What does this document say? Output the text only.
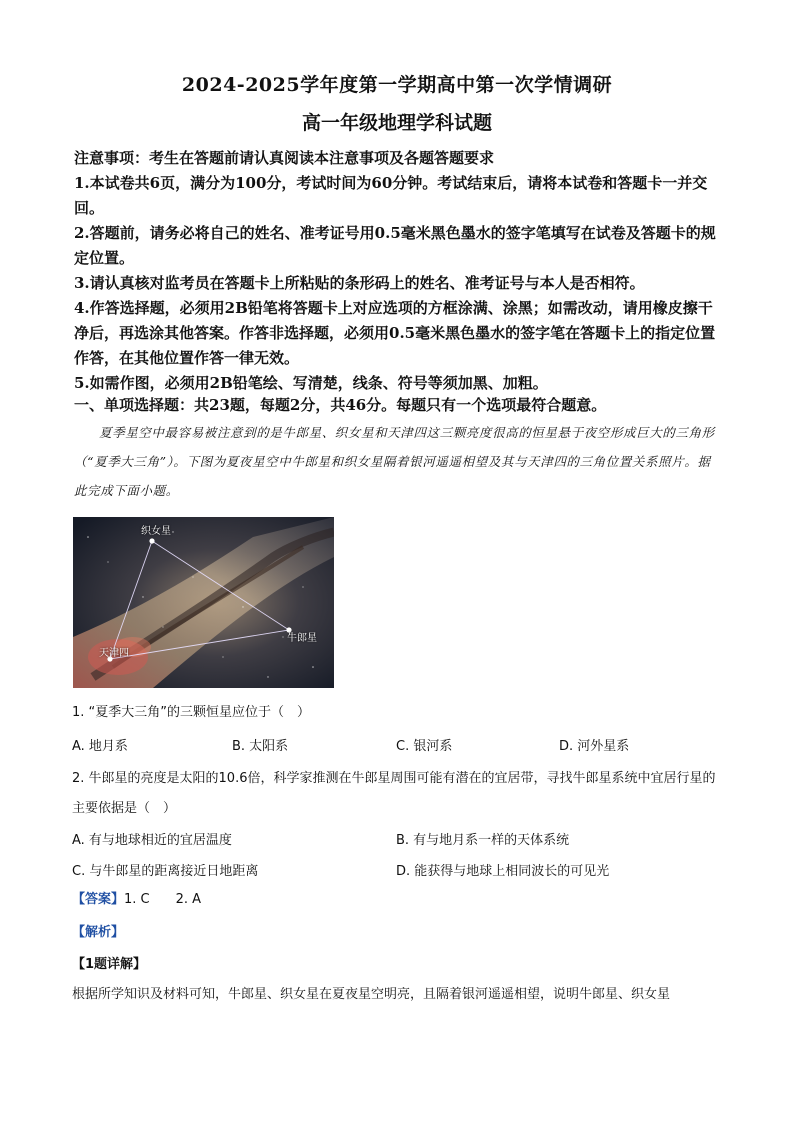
2024-2025学年度第一学期高中第一次学情调研
高一年级地理学科试题

注意事项：考生在答题前请认真阅读本注意事项及各题答题要求

1.本试卷共6页，满分为100分，考试时间为60分钟。考试结束后，请将本试卷和答题卡一并交回。

2.答题前，请务必将自己的姓名、准考证号用0.5毫米黑色墨水的签字笔填写在试卷及答题卡的规定位置。

3.请认真核对监考员在答题卡上所粘贴的条形码上的姓名、准考证号与本人是否相符。

4.作答选择题，必须用2B铅笔将答题卡上对应选项的方框涂满、涂黑；如需改动，请用橡皮擦干净后，再选涂其他答案。作答非选择题，必须用0.5毫米黑色墨水的签字笔在答题卡上的指定位置作答，在其他位置作答一律无效。

5.如需作图，必须用2B铅笔绘、写清楚，线条、符号等须加黑、加粗。

一、单项选择题：共23题，每题2分，共46分。每题只有一个选项最符合题意。
夏季星空中最容易被注意到的是牛郎星、织女星和天津四这三颗亮度很高的恒星悬于夜空形成巨大的三角形（“夏季大三角”）。下图为夏夜星空中牛郎星和织女星隔着银河遥遥相望及其与天津四的三角位置关系照片。据此完成下面小题。
织女星
牛郎星
天津四
1. “夏季大三角”的三颗恒星应位于（　）
A. 地月系	B. 太阳系	C. 银河系	D. 河外星系
2. 牛郎星的亮度是太阳的10.6倍，科学家推测在牛郎星周围可能有潜在的宜居带，寻找牛郎星系统中宜居行星的主要依据是（　）
A. 有与地球相近的宜居温度	B. 有与地月系一样的天体系统
C. 与牛郎星的距离接近日地距离	D. 能获得与地球上相同波长的可见光
【答案】1. C　　2. A
【解析】
【1题详解】
根据所学知识及材料可知，牛郎星、织女星在夏夜星空明亮，且隔着银河遥遥相望，说明牛郎星、织女星
